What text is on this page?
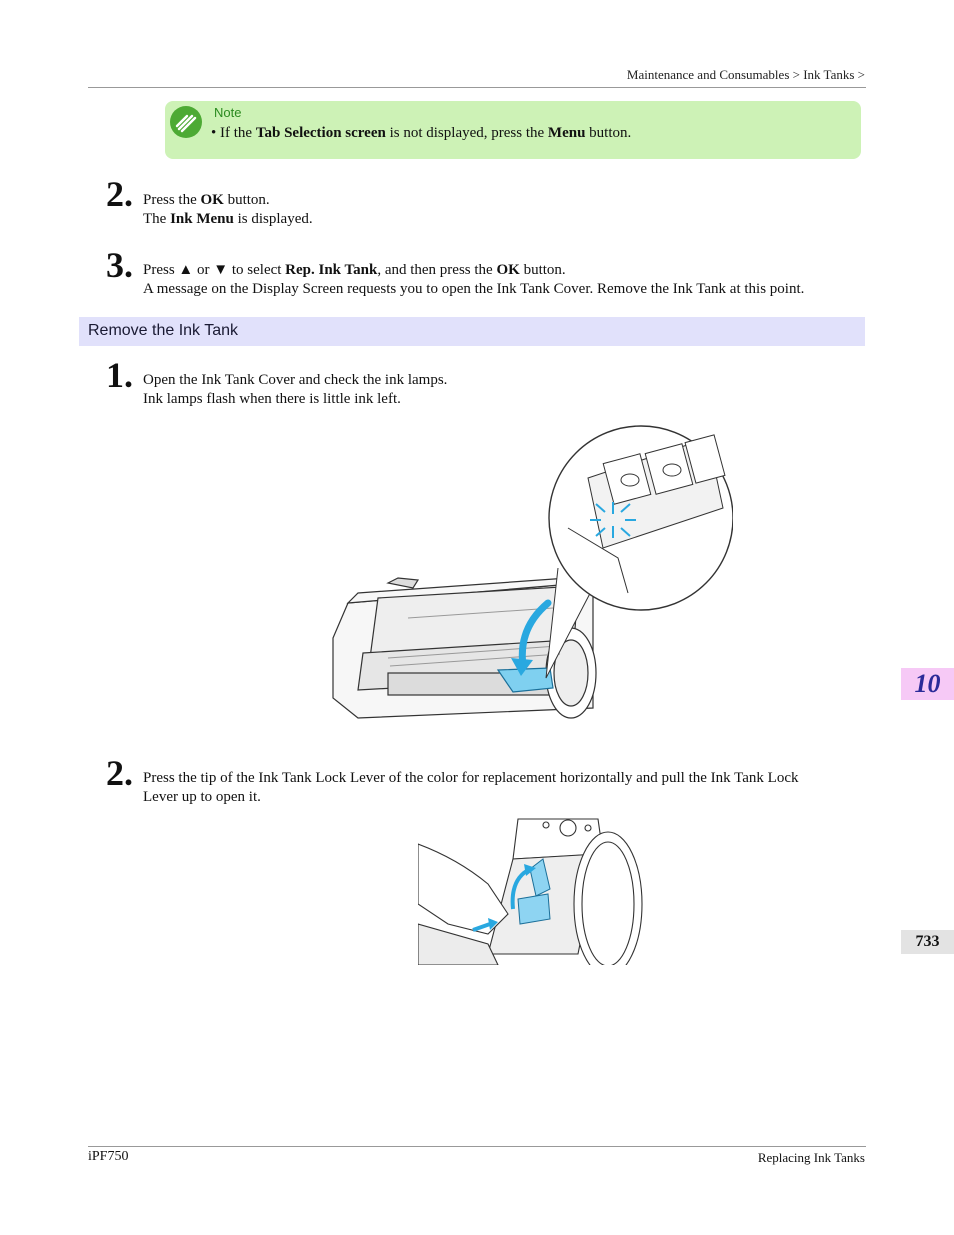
Maintenance and Consumables > Ink Tanks >
Note
• If the Tab Selection screen is not displayed, press the Menu button.
2. Press the OK button.
The Ink Menu is displayed.
3. Press ▲ or ▼ to select Rep. Ink Tank, and then press the OK button.
A message on the Display Screen requests you to open the Ink Tank Cover. Remove the Ink Tank at this point.
Remove the Ink Tank
1. Open the Ink Tank Cover and check the ink lamps.
Ink lamps flash when there is little ink left.
2. Press the tip of the Ink Tank Lock Lever of the color for replacement horizontally and pull the Ink Tank Lock
Lever up to open it.
10
733
iPF750	Replacing Ink Tanks
